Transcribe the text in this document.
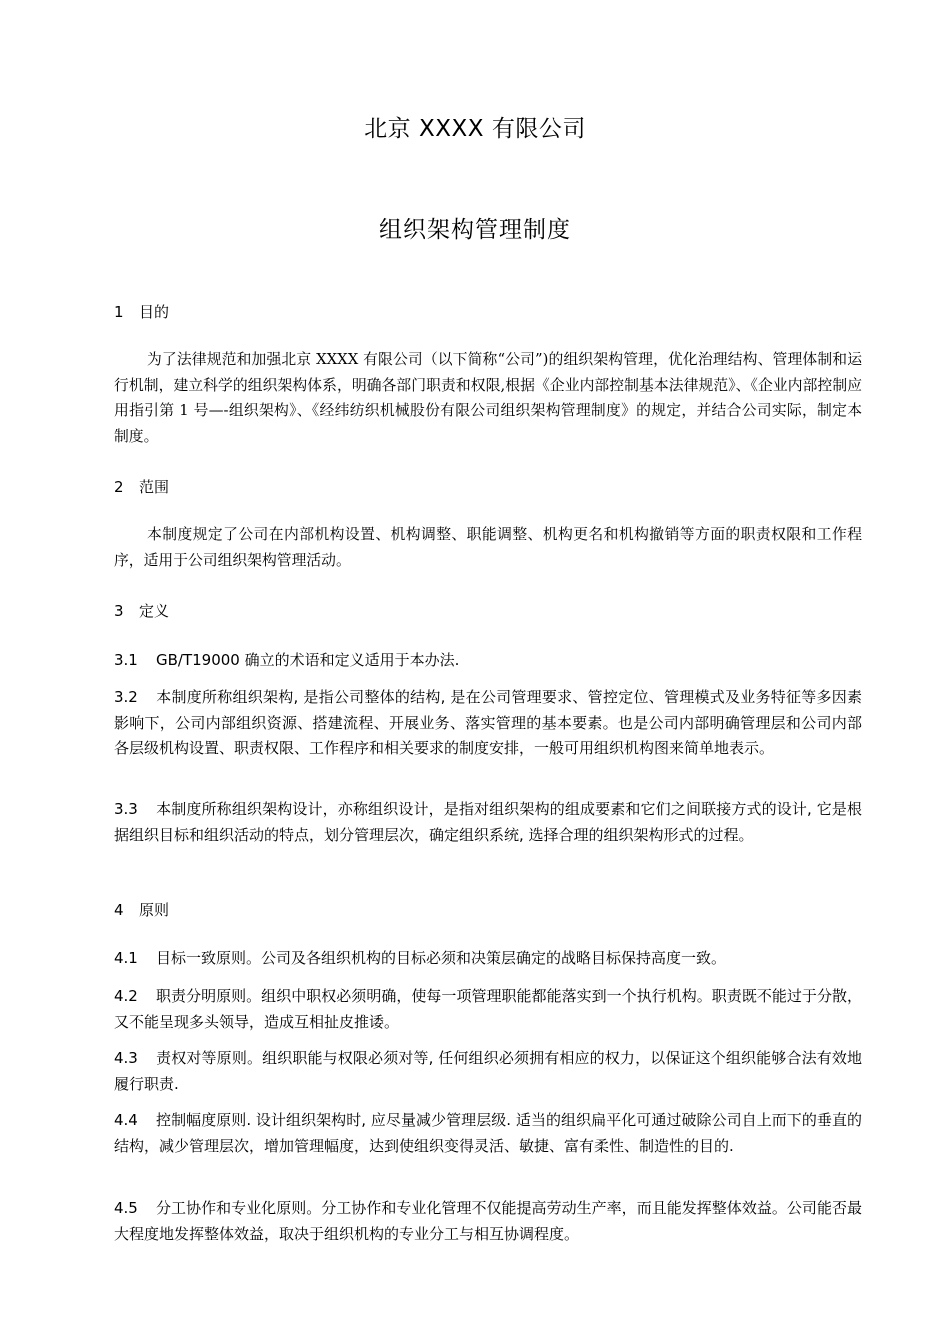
北京 XXXX 有限公司
组织架构管理制度
1 目的

为了法律规范和加强北京 XXXX 有限公司（以下简称“公司”)的组织架构管理，优化治理结构、管理体制和运行机制，建立科学的组织架构体系，明确各部门职责和权限,根据《企业内部控制基本法律规范》、《企业内部控制应用指引第 1 号—-组织架构》、《经纬纺织机械股份有限公司组织架构管理制度》的规定，并结合公司实际，制定本制度。

2 范围

本制度规定了公司在内部机构设置、机构调整、职能调整、机构更名和机构撤销等方面的职责权限和工作程序，适用于公司组织架构管理活动。

3 定义

3.1 GB/T19000 确立的术语和定义适用于本办法.

3.2 本制度所称组织架构, 是指公司整体的结构, 是在公司管理要求、管控定位、管理模式及业务特征等多因素影响下，公司内部组织资源、搭建流程、开展业务、落实管理的基本要素。也是公司内部明确管理层和公司内部各层级机构设置、职责权限、工作程序和相关要求的制度安排，一般可用组织机构图来简单地表示。

3.3 本制度所称组织架构设计，亦称组织设计，是指对组织架构的组成要素和它们之间联接方式的设计, 它是根据组织目标和组织活动的特点，划分管理层次，确定组织系统, 选择合理的组织架构形式的过程。

4 原则

4.1 目标一致原则。公司及各组织机构的目标必须和决策层确定的战略目标保持高度一致。

4.2 职责分明原则。组织中职权必须明确，使每一项管理职能都能落实到一个执行机构。职责既不能过于分散，又不能呈现多头领导，造成互相扯皮推诿。

4.3 责权对等原则。组织职能与权限必须对等, 任何组织必须拥有相应的权力，以保证这个组织能够合法有效地履行职责.

4.4 控制幅度原则. 设计组织架构时, 应尽量减少管理层级. 适当的组织扁平化可通过破除公司自上而下的垂直的结构，减少管理层次，增加管理幅度，达到使组织变得灵活、敏捷、富有柔性、制造性的目的.

4.5 分工协作和专业化原则。分工协作和专业化管理不仅能提高劳动生产率，而且能发挥整体效益。公司能否最大程度地发挥整体效益，取决于组织机构的专业分工与相互协调程度。
